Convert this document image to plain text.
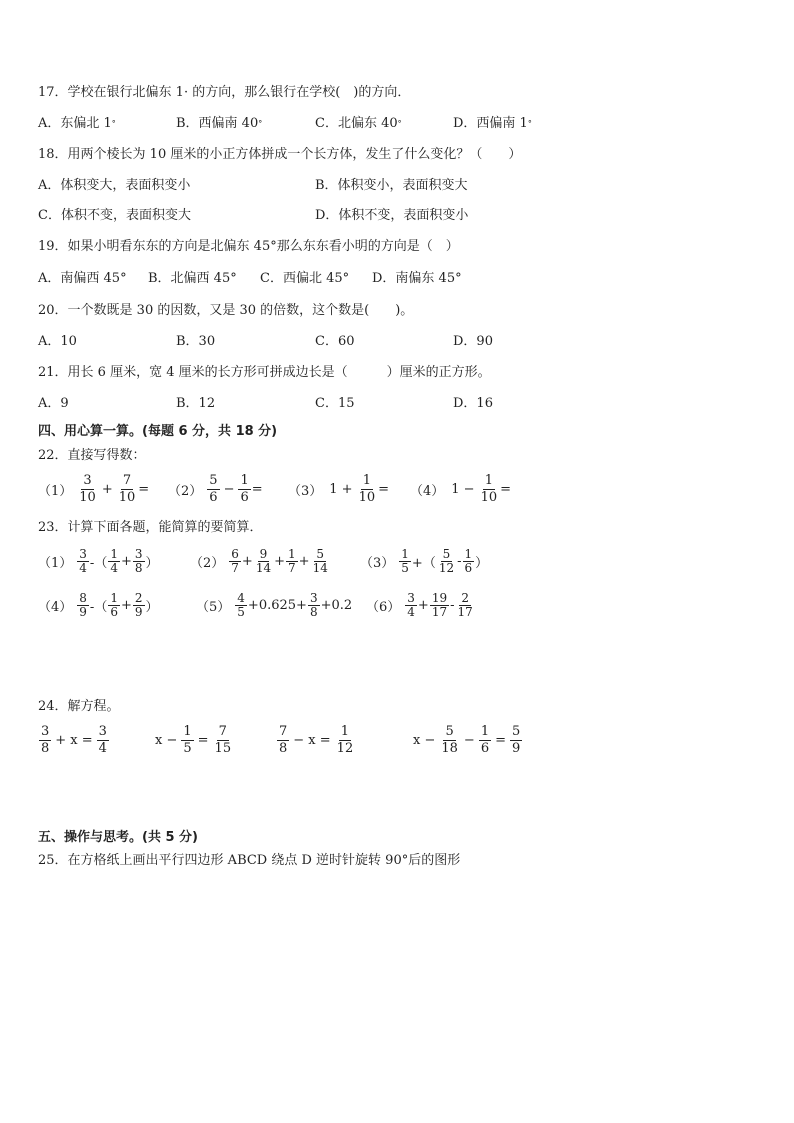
17．学校在银行北偏东 1· 的方向，那么银行在学校(　)的方向．
A．东偏北 1°	B．西偏南 40°	C．北偏东 40°	D．西偏南 1°
18．用两个棱长为 10 厘米的小正方体拼成一个长方体，发生了什么变化？（　　）
A．体积变大，表面积变小	B．体积变小，表面积变大
C．体积不变，表面积变大	D．体积不变，表面积变小
19．如果小明看东东的方向是北偏东 45°那么东东看小明的方向是（　）
A．南偏西 45° B．北偏西 45° C．西偏北 45° D．南偏东 45°
20．一个数既是 30 的因数，又是 30 的倍数，这个数是(　　)。
A．10	B．30	C．60	D．90
21．用长 6 厘米，宽 4 厘米的长方形可拼成边长是（　　　）厘米的正方形。
A．9	B．12	C．15	D．16
四、用心算一算。(每题 6 分，共 18 分)
22．直接写得数：
$(1) \frac{3}{10} + \frac{7}{10} = (2) \frac{5}{6} - \frac{1}{6} = (3) 1 + \frac{1}{10} = (4) 1 - \frac{1}{10}$ =
23．计算下面各题，能简算的要简算．
$(1) \frac{3}{4}$ -（ $\frac{1}{4} + \frac{3}{8}$ ） $(2) \frac{6}{7} + \frac{9}{14} + \frac{1}{7} + \frac{5}{14} (3) \frac{1}{5}$ +（ $\frac{5}{12} - \frac{1}{6}$ ）
$(4) \frac{8}{9}$ -（ $\frac{1}{6} + \frac{2}{9}$ ）	$(5) \frac{4}{5} +0.625+ \frac{3}{8} +0.2$ $(6) \frac{3}{4} + \frac{19}{17} - \frac{2}{17}$
24．解方程。
$\frac{3}{8} + x = \frac{3}{4}$	$x - \frac{1}{5} = \frac{7}{15}$	$\frac{7}{8} - x = \frac{1}{12}$	$x - \frac{5}{18} - \frac{1}{6} = \frac{5}{9}$
五、操作与思考。(共 5 分)
25．在方格纸上画出平行四边形 ABCD 绕点 D 逆时针旋转 90°后的图形
